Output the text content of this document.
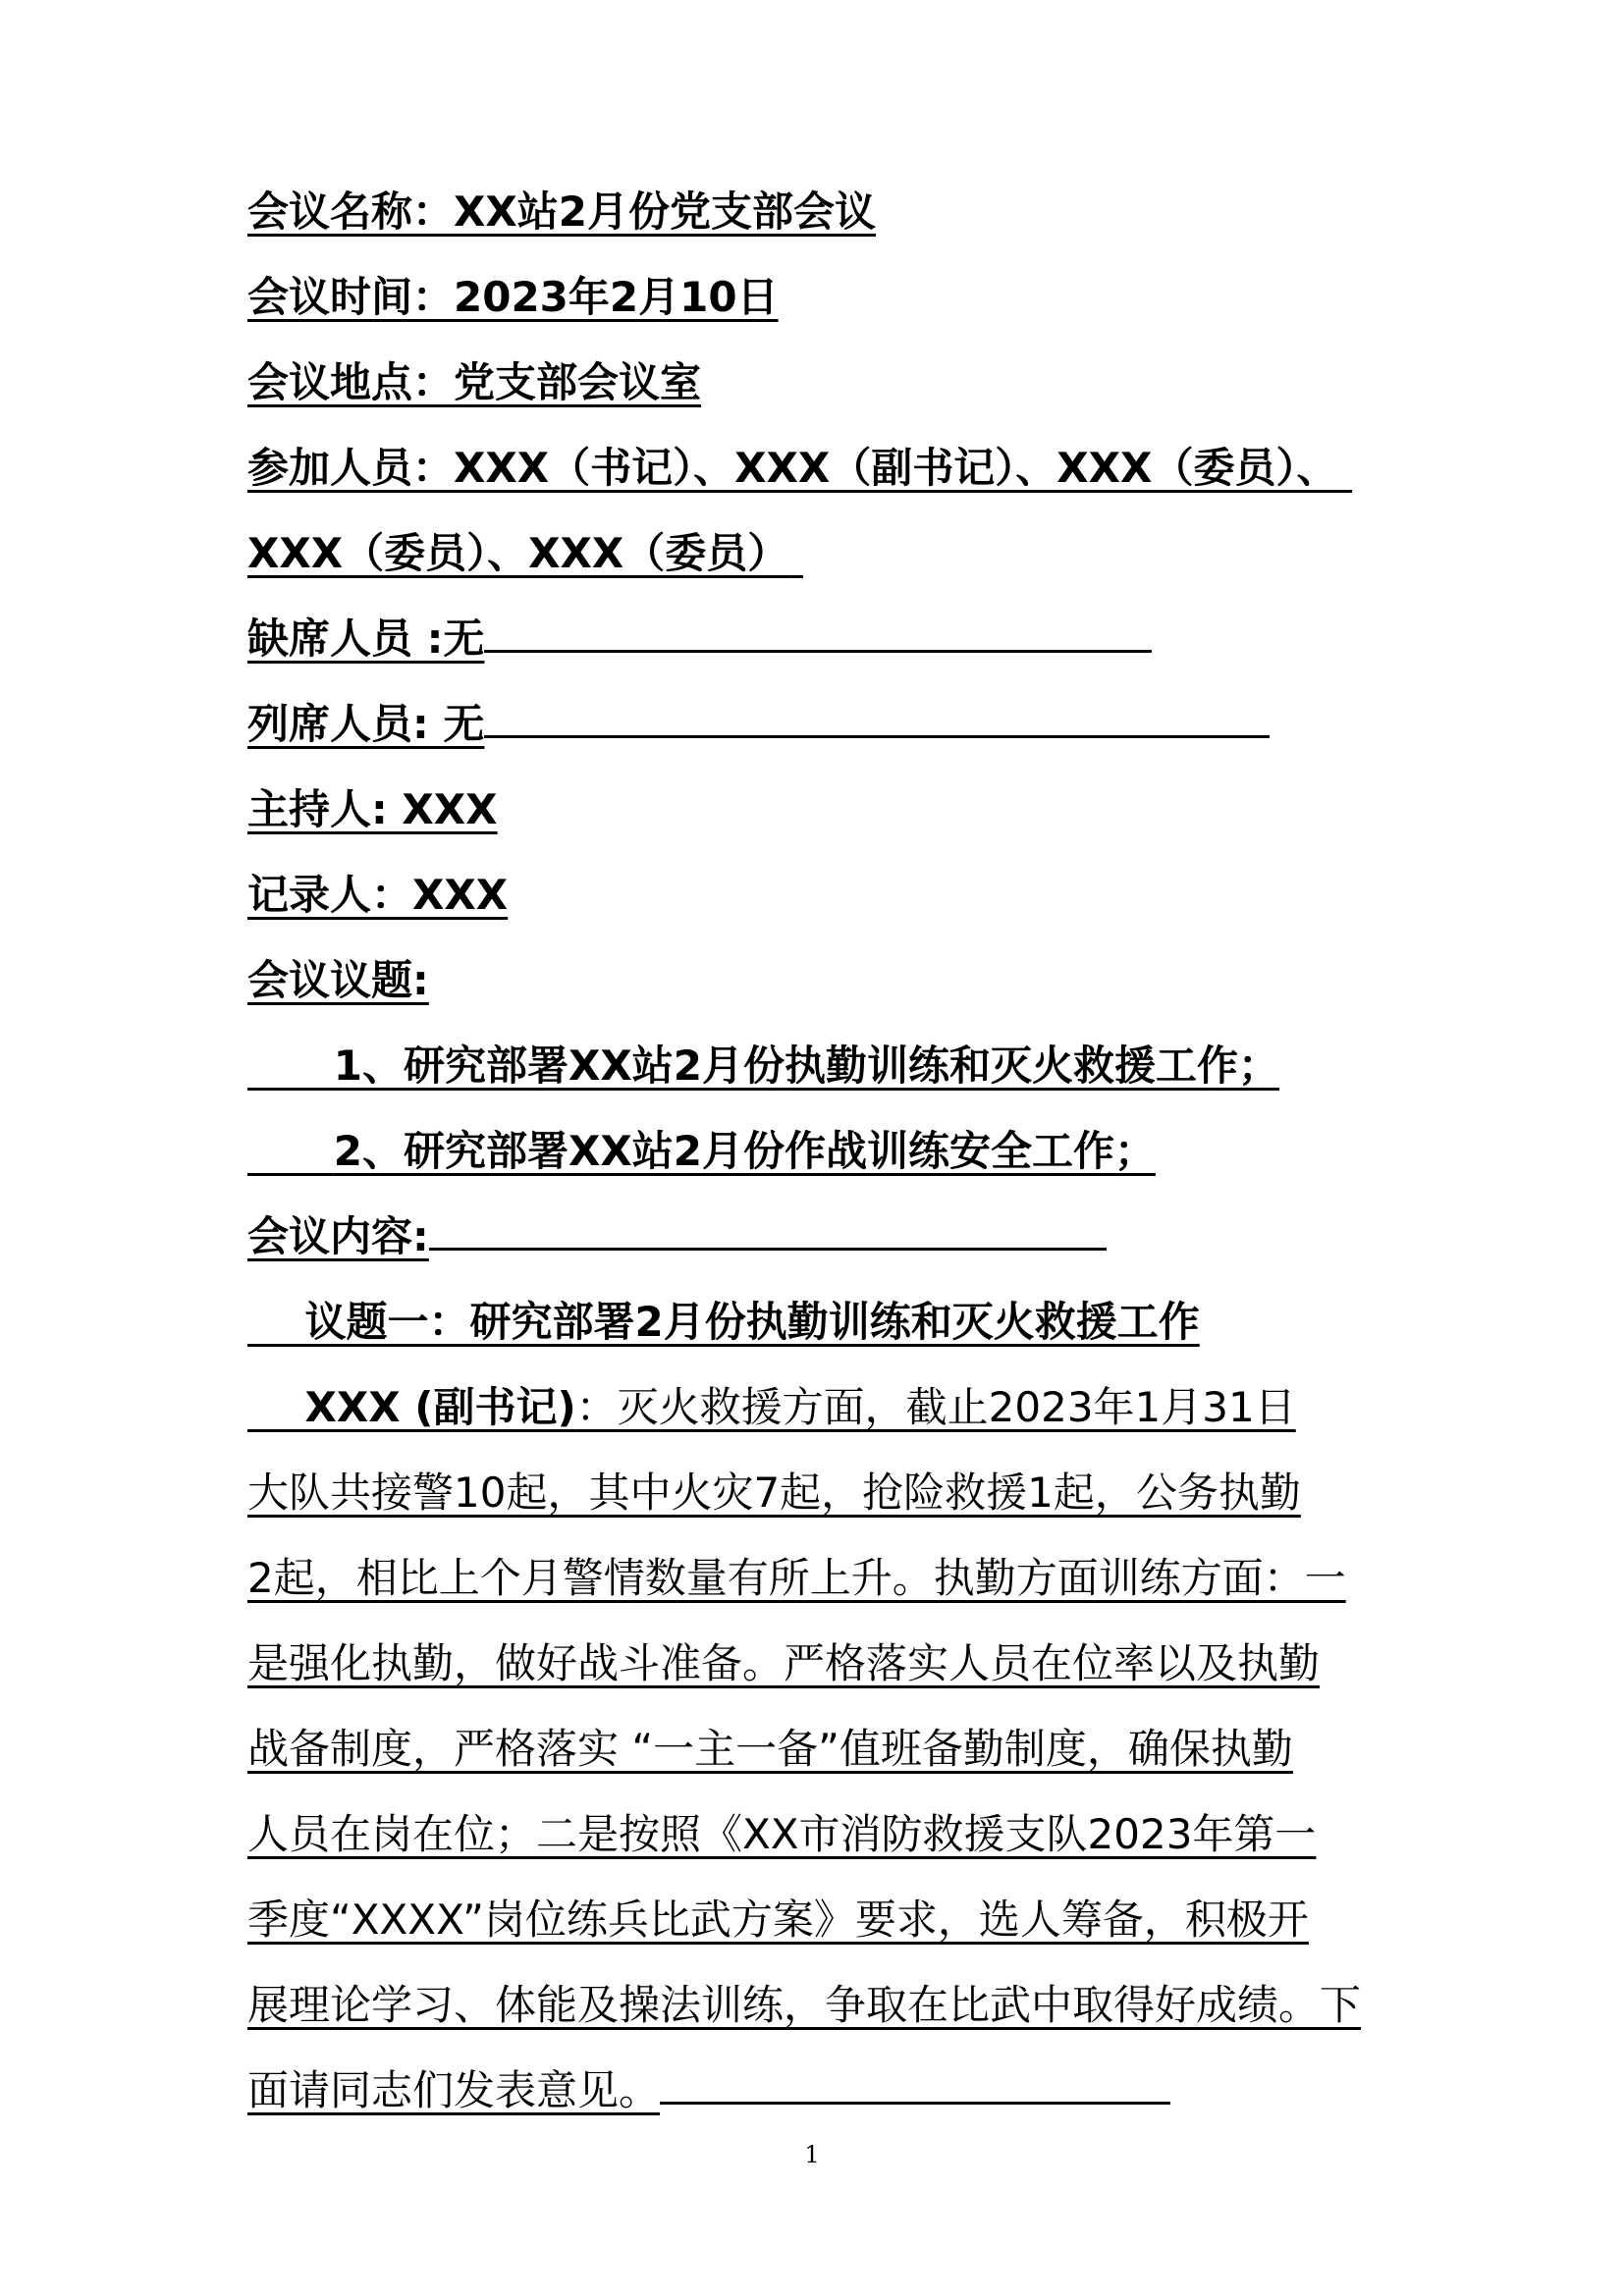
会议名称：XX站2月份党支部会议
会议时间：2023年2月10日
会议地点：党支部会议室
参加人员：XXX（书记）、XXX（副书记）、XXX（委员）、
XXX（委员）、XXX（委员）
缺席人员 :无
列席人员: 无
主持人: XXX
记录人：XXX
会议议题:
1、研究部署XX站2月份执勤训练和灭火救援工作；
2、研究部署XX站2月份作战训练安全工作；
会议内容:
议题一：研究部署2月份执勤训练和灭火救援工作
XXX (副书记)：灭火救援方面，截止2023年1月31日
大队共接警10起，其中火灾7起，抢险救援1起，公务执勤
2起，相比上个月警情数量有所上升。执勤方面训练方面：一
是强化执勤，做好战斗准备。严格落实人员在位率以及执勤
战备制度，严格落实 “一主一备”值班备勤制度，确保执勤
人员在岗在位；二是按照《XX市消防救援支队2023年第一
季度“XXXX”岗位练兵比武方案》要求，选人筹备，积极开
展理论学习、体能及操法训练，争取在比武中取得好成绩。下
面请同志们发表意见。
1
